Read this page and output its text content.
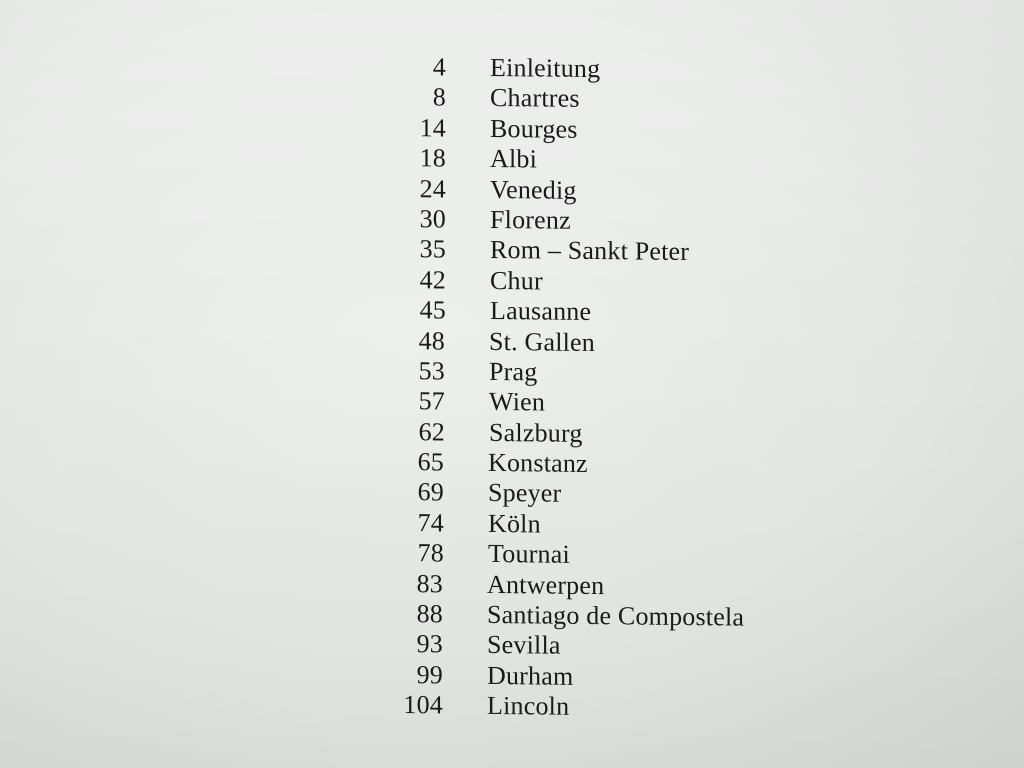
4 Einleitung
8 Chartres
14 Bourges
18 Albi
24 Venedig
30 Florenz
35 Rom – Sankt Peter
42 Chur
45 Lausanne
48 St. Gallen
53 Prag
57 Wien
62 Salzburg
65 Konstanz
69 Speyer
74 Köln
78 Tournai
83 Antwerpen
88 Santiago de Compostela
93 Sevilla
99 Durham
104 Lincoln
